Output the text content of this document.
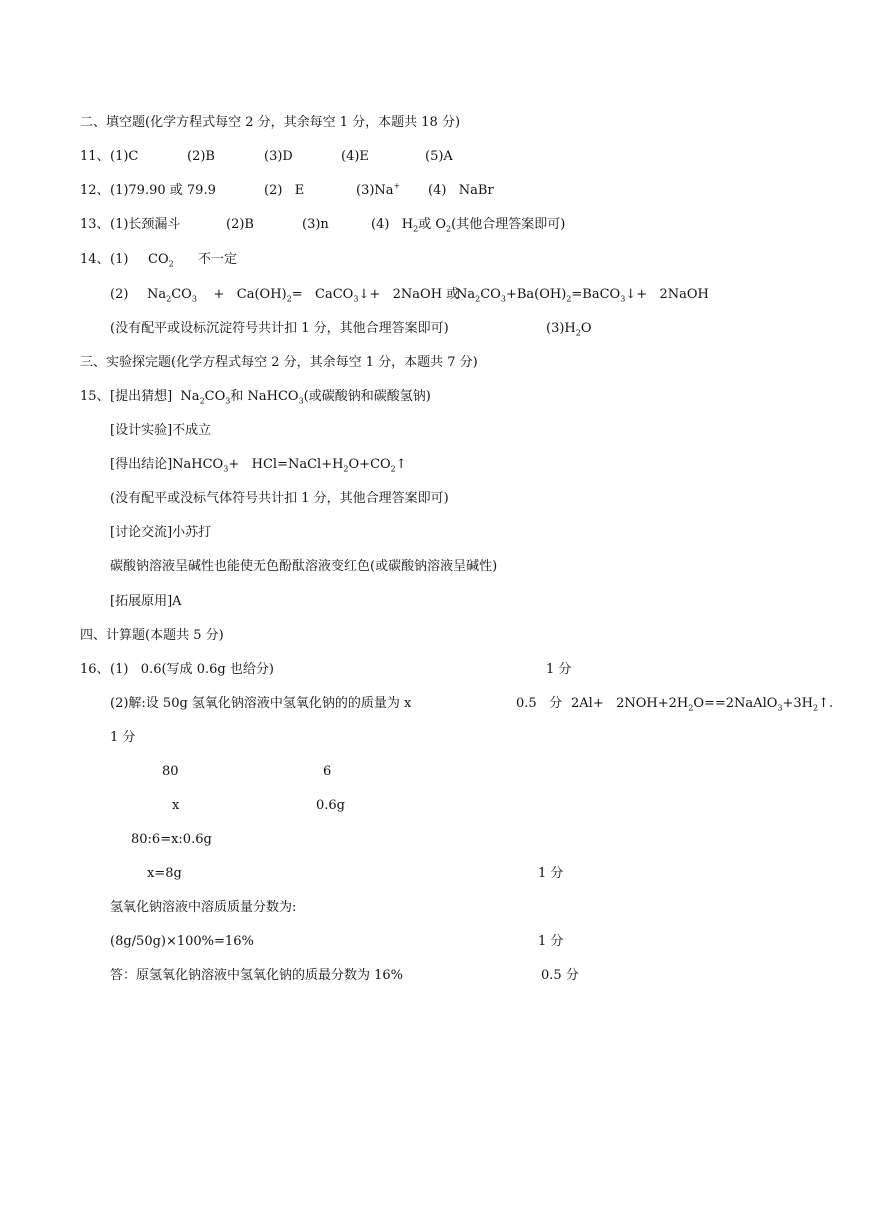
二、填空题(化学方程式每空 2 分，其余每空 1 分，本题共 18 分)
11、 (1)C	(2)B	(3)D	(4)E	(5)A
12、 (1)79.90 或 79.9	(2)   E	(3)Na+ (4)   NaBr
13、 (1)长颈漏斗	(2)B	(3)n	(4)   $H_2$或 $O_2$(其他合理答案即可)
14、 (1) $CO_2$ 不一定
(2) $Na_2CO_3 + Ca(OH)_2=$ CaCO$_3$↓+ 2NaOH 或
$Na_2CO_3+Ba(OH)_2=BaCO_3↓+$   2NaOH
(没有配平或设标沉淀符号共计扣 1 分，其他合理答案即可)	$(3)H_2O$
三、实验探完题(化学方程式每空 2 分，其余每空 1 分，本题共 7 分)
15、 [提出猜想] $Na_2CO_3$和 NaHCO$_3$(或碳酸钠和碳酸氢钠)
[设计实验]不成立
[得出结论]NaHCO$_3$+ $HCl=NaCl+H_2O+CO_2↑$
(没有配平或没标气体符号共计扣 1 分，其他合理答案即可)
[讨论交流]小苏打
碳酸钠溶液呈碱性也能使无色酚酞溶液变红色(或碳酸钠溶液呈碱性)
[拓展原用]A
四、计算题(本题共 5 分)
16、 (1)   0.6(写成 0.6g 也给分)	1 分
(2)解:设 50g 氢氧化钠溶液中氢氧化钠的的质量为 x	0.5   分 $2Al+ 2NOH+2H_2O==2NaAlO_3+3H_2↑$.
1 分
80	6
x	0.6g
80:6=x:0.6g
x=8g	1 分
氢氧化钠溶液中溶质质量分数为:
(8g/50g)×100%=16%	1 分
答：原氢氧化钠溶液中氢氧化钠的质最分数为 16%	0.5 分
